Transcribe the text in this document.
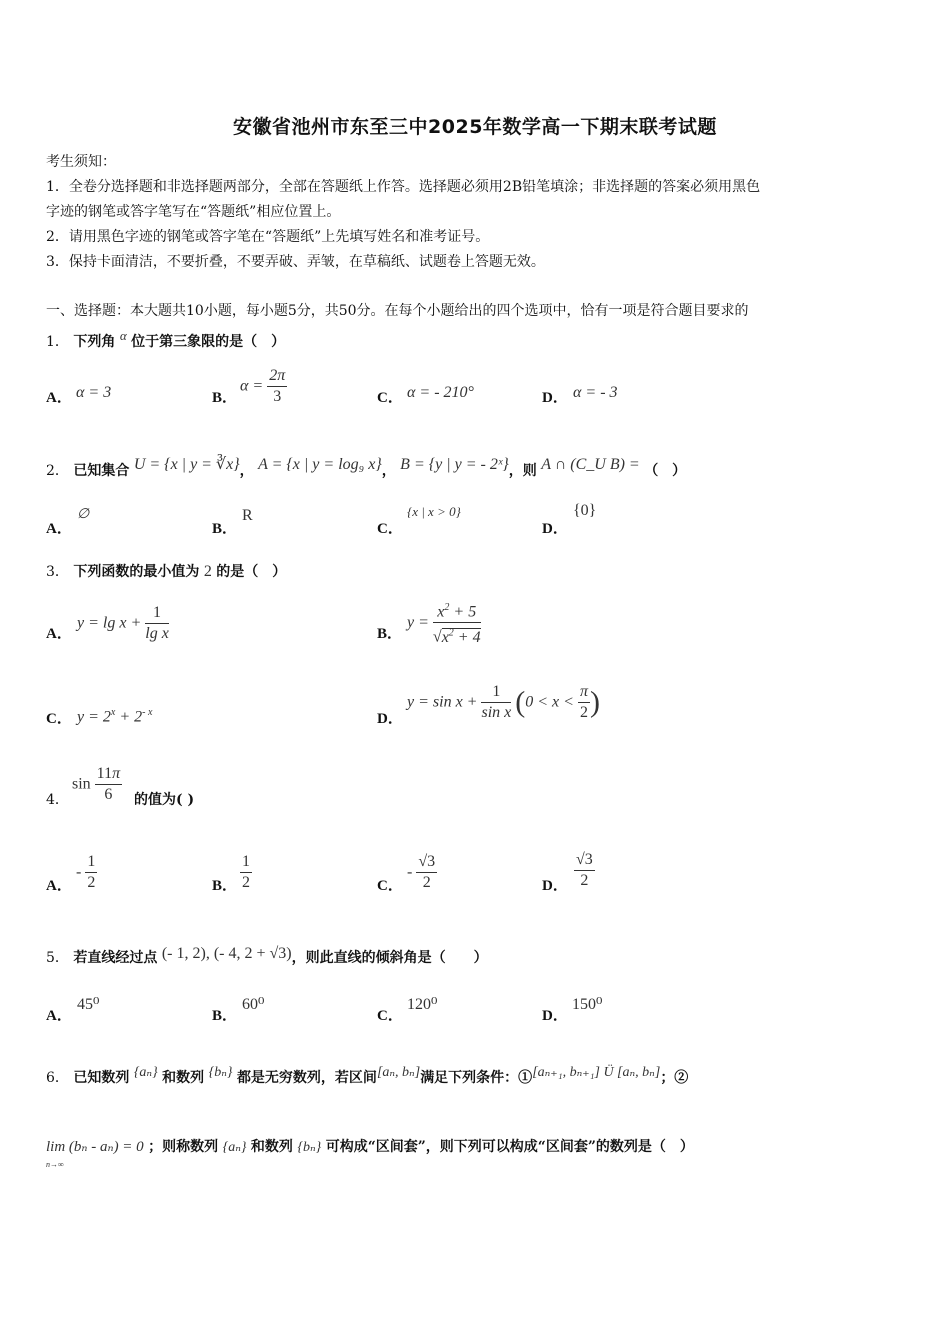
安徽省池州市东至三中2025年数学高一下期末联考试题
考生须知：
1．全卷分选择题和非选择题两部分，全部在答题纸上作答。选择题必须用2B铅笔填涂；非选择题的答案必须用黑色
字迹的钢笔或答字笔写在“答题纸”相应位置上。
2．请用黑色字迹的钢笔或答字笔在“答题纸”上先填写姓名和准考证号。
3．保持卡面清洁，不要折叠，不要弄破、弄皱，在草稿纸、试题卷上答题无效。
一、选择题：本大题共10小题，每小题5分，共50分。在每个小题给出的四个选项中，恰有一项是符合题目要求的
1． 下列角 α 位于第三象限的是（　）
A． α = 3	B．
$\alpha = \frac{2\pi}{3}$	C． α = - 210°	D． α = - 3
2． 已知集合 U = {x | y = ∛x}， A = {x | y = log₉ x}， B = {y | y = - 2ˣ}，则 A ∩ (C_U B) = （　）
A．
∅
B．
R
C．
{x | x > 0}
D．
{0}
3． 下列函数的最小值为 2 的是（　）
A．
$y = \lg x + \frac{1}{\text{lg x}}$	B．
$y = \frac{x^2 + 5}{√x^2 + 4}$
C． $y = 2^x + 2^{- x}$	D．
$y = \sin x + \frac{1}{\text{sin x}} (0 < x < \frac{\pi}{2}$ )
4．
$\sin \frac{11\pi}{6}$ 的值为( )
A．
- $\frac{1}{2}$	B． $\frac{1}{2}$	C．
- $\frac{√3}{2}$	D． $\frac{√3}{2}$
5． 若直线经过点 (- 1, 2), (- 4, 2 + √3)，则此直线的倾斜角是（　　）
A．
45⁰
B．
60⁰
C．
120⁰
D．
150⁰
6． 已知数列 {aₙ} 和数列 {bₙ} 都是无穷数列，若区间[aₙ, bₙ]满足下列条件：①[aₙ₊₁, bₙ₊₁] Ü [aₙ, bₙ]；②
lim (bₙ - aₙ) = 0
n→∞
；则称数列 {aₙ} 和数列 {bₙ} 可构成“区间套”，则下列可以构成“区间套”的数列是（　）
